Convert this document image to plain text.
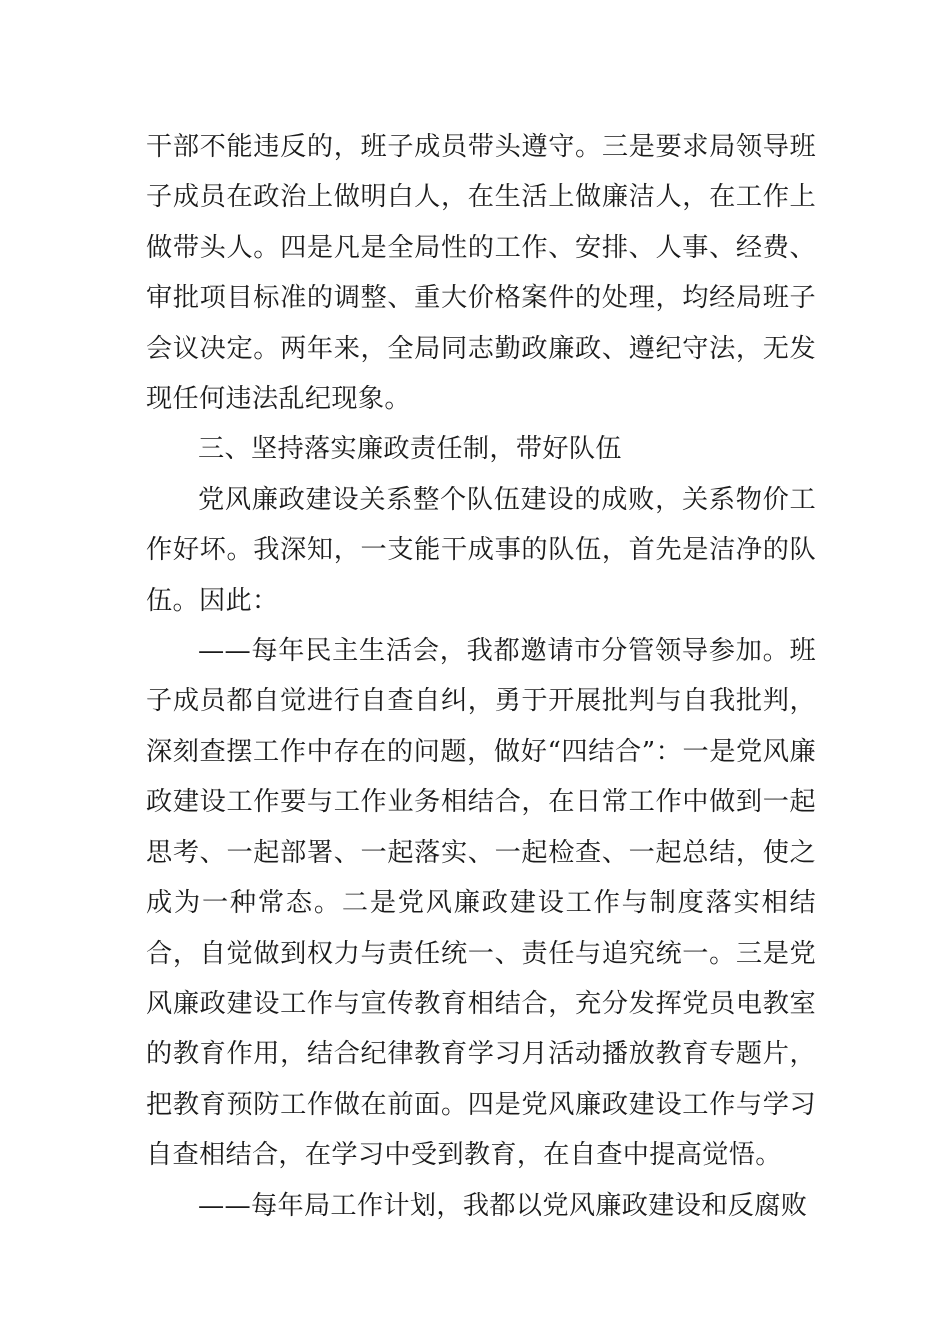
干部不能违反的，班子成员带头遵守。三是要求局领导班子成员在政治上做明白人，在生活上做廉洁人，在工作上做带头人。四是凡是全局性的工作、安排、人事、经费、审批项目标准的调整、重大价格案件的处理，均经局班子会议决定。两年来，全局同志勤政廉政、遵纪守法，无发现任何违法乱纪现象。

三、坚持落实廉政责任制，带好队伍

党风廉政建设关系整个队伍建设的成败，关系物价工作好坏。我深知，一支能干成事的队伍，首先是洁净的队伍。因此：

——每年民主生活会，我都邀请市分管领导参加。班子成员都自觉进行自查自纠，勇于开展批判与自我批判，深刻查摆工作中存在的问题，做好“四结合”：一是党风廉政建设工作要与工作业务相结合，在日常工作中做到一起思考、一起部署、一起落实、一起检查、一起总结，使之成为一种常态。二是党风廉政建设工作与制度落实相结合，自觉做到权力与责任统一、责任与追究统一。三是党风廉政建设工作与宣传教育相结合，充分发挥党员电教室的教育作用，结合纪律教育学习月活动播放教育专题片，把教育预防工作做在前面。四是党风廉政建设工作与学习自查相结合，在学习中受到教育，在自查中提高觉悟。

——每年局工作计划，我都以党风廉政建设和反腐败
